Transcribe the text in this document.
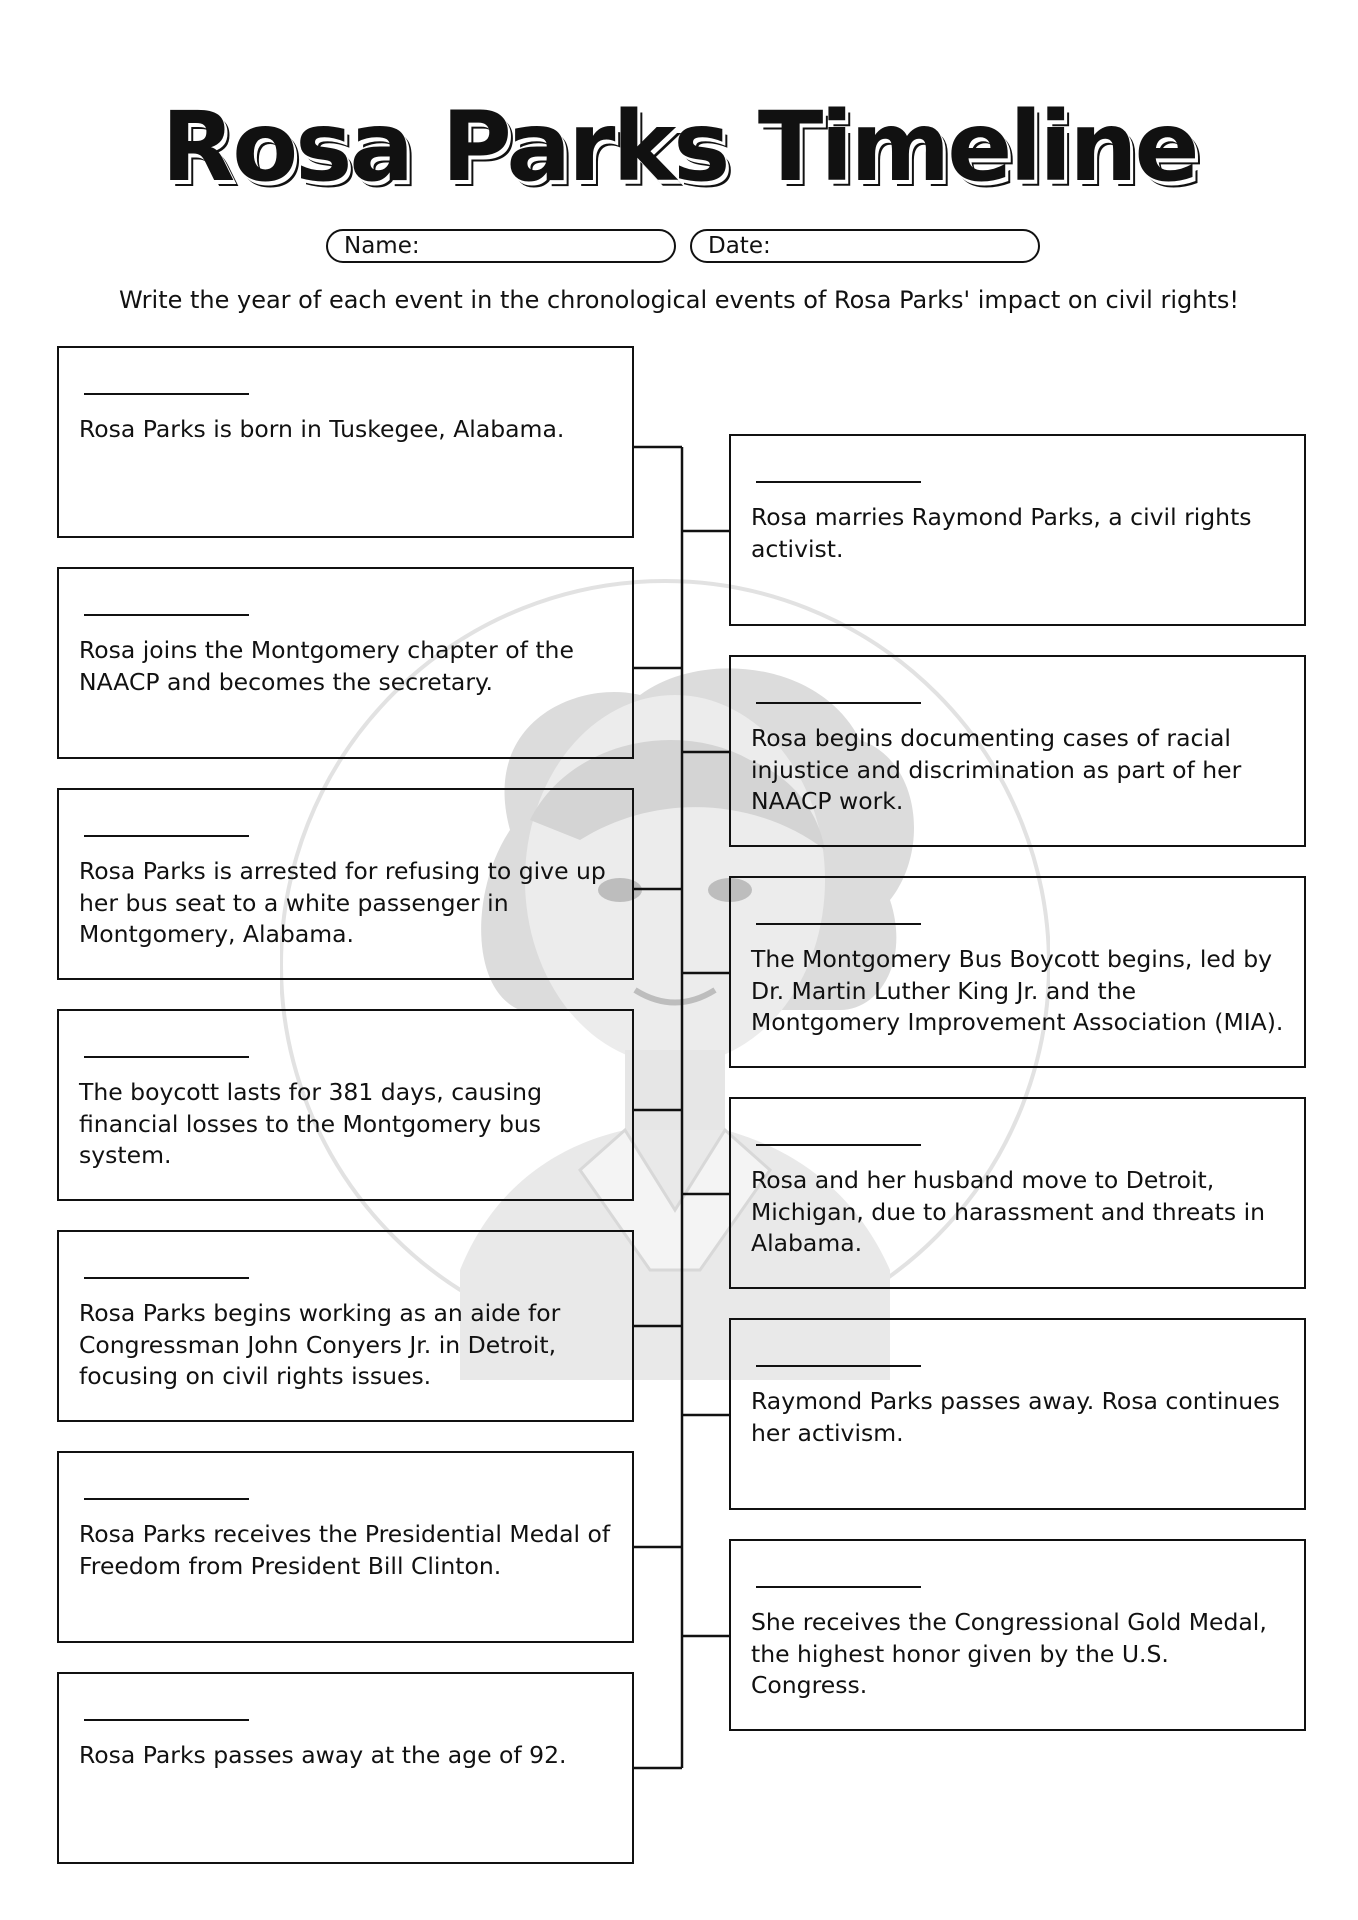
Rosa Parks Timeline
Name:	Date:
Write the year of each event in the chronological events of Rosa Parks' impact on civil rights!
Rosa Parks is born in Tuskegee, Alabama.
Rosa joins the Montgomery chapter of the NAACP and becomes the secretary.
Rosa Parks is arrested for refusing to give up her bus seat to a white passenger in Montgomery, Alabama.
The boycott lasts for 381 days, causing financial losses to the Montgomery bus system.
Rosa Parks begins working as an aide for Congressman John Conyers Jr. in Detroit, focusing on civil rights issues.
Rosa Parks receives the Presidential Medal of Freedom from President Bill Clinton.
Rosa Parks passes away at the age of 92.
Rosa marries Raymond Parks, a civil rights activist.
Rosa begins documenting cases of racial injustice and discrimination as part of her NAACP work.
The Montgomery Bus Boycott begins, led by Dr. Martin Luther King Jr. and the Montgomery Improvement Association (MIA).
Rosa and her husband move to Detroit, Michigan, due to harassment and threats in Alabama.
Raymond Parks passes away. Rosa continues her activism.
She receives the Congressional Gold Medal, the highest honor given by the U.S. Congress.
